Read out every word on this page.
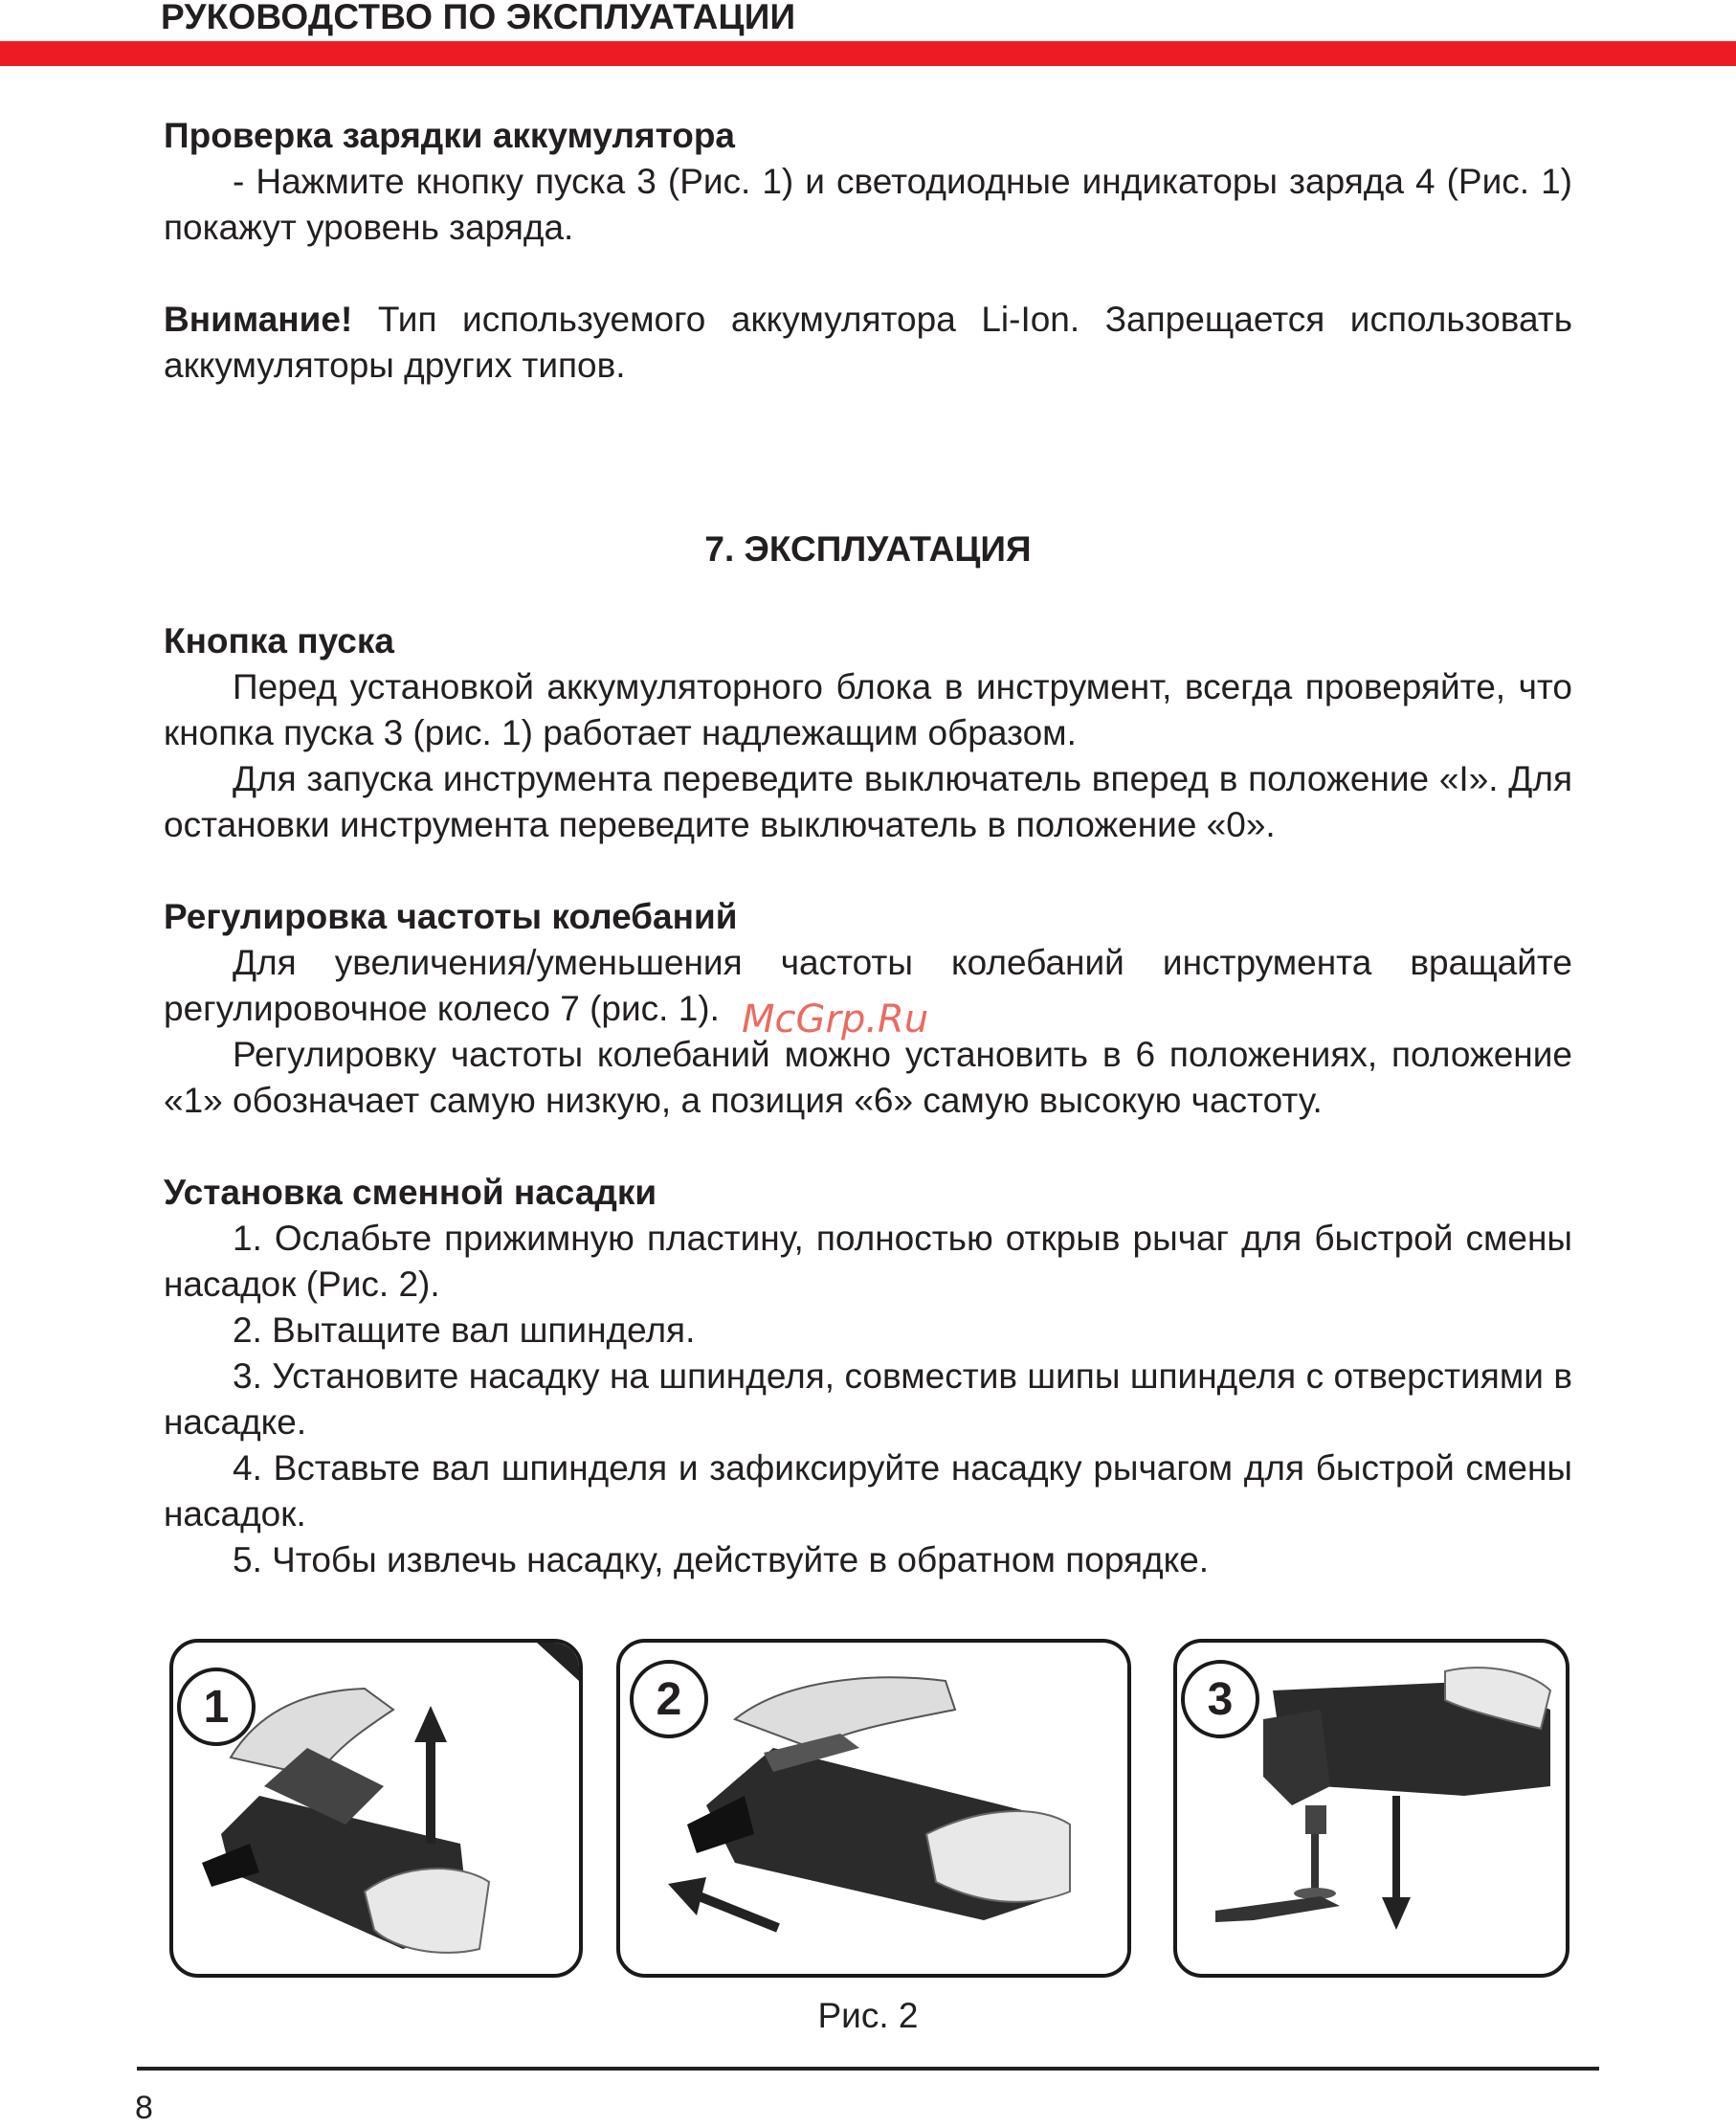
РУКОВОДСТВО ПО ЭКСПЛУАТАЦИИ

Проверка зарядки аккумулятора

- Нажмите кнопку пуска 3 (Рис. 1) и светодиодные индикаторы заряда 4 (Рис. 1) покажут уровень заряда.

Внимание! Тип используемого аккумулятора Li-Ion. Запрещается использовать аккумуляторы других типов.

7. ЭКСПЛУАТАЦИЯ

Кнопка пуска

Перед установкой аккумуляторного блока в инструмент, всегда проверяйте, что кнопка пуска 3 (рис. 1) работает надлежащим образом.

Для запуска инструмента переведите выключатель вперед в положение «I». Для остановки инструмента переведите выключатель в положение «0».

Регулировка частоты колебаний

Для увеличения/уменьшения частоты колебаний инструмента вращайте регулировочное колесо 7 (рис. 1).

Регулировку частоты колебаний можно установить в 6 положениях, положение «1» обозначает самую низкую, а позиция «6» самую высокую частоту.

Установка сменной насадки

1. Ослабьте прижимную пластину, полностью открыв рычаг для быстрой смены насадок (Рис. 2).

2. Вытащите вал шпинделя.

3. Установите насадку на шпинделя, совместив шипы шпинделя с отверстиями в насадке.

4. Вставьте вал шпинделя и зафиксируйте насадку рычагом для быстрой смены насадок.

5. Чтобы извлечь насадку, действуйте в обратном порядке.

McGrp.Ru
1	2	3
Рис. 2
8
